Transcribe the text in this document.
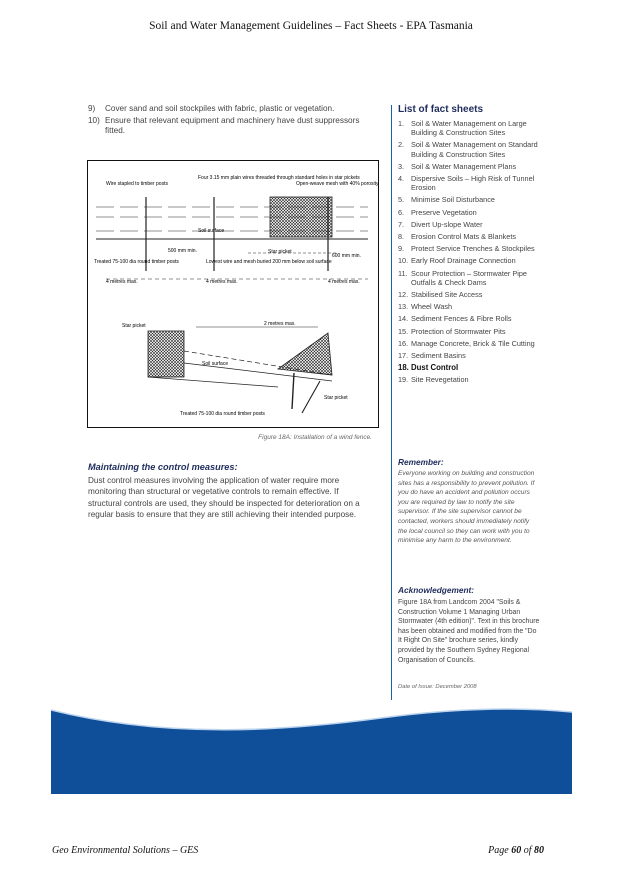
Soil and Water Management Guidelines – Fact Sheets - EPA Tasmania
9)	Cover sand and soil stockpiles with fabric, plastic or vegetation.
10) Ensure that relevant equipment and machinery have dust suppressors fitted.
Wire stapled to timber posts
Four 3.15 mm plain wires threaded through standard holes in star pickets
Open-weave mesh with 40% porosity
Soil surface
500 mm min.	Star picket
600 mm min.
Treated 75-100 dia round timber posts	Lowest wire and mesh buried 200 mm below soil surface
4 metres max.	4 metres max.	4 metres max.
Star picket	2 metres max.
Soil surface
Star picket
Treated 75-100 dia round timber posts
Figure 18A: Installation of a wind fence.
Maintaining the control measures:
Dust control measures involving the application of water require more monitoring than structural or vegetative controls to remain effective. If structural controls are used, they should be inspected for deterioration on a regular basis to ensure that they are still achieving their intended purpose.
List of fact sheets
1. Soil & Water Management on Large Building & Construction Sites
2. Soil & Water Management on Standard Building & Construction Sites
3. Soil & Water Management Plans
4. Dispersive Soils – High Risk of Tunnel Erosion
5. Minimise Soil Disturbance
6. Preserve Vegetation
7. Divert Up-slope Water
8. Erosion Control Mats & Blankets
9. Protect Service Trenches & Stockpiles
10. Early Roof Drainage Connection
11. Scour Protection – Stormwater Pipe Outfalls & Check Dams
12. Stabilised Site Access
13. Wheel Wash
14. Sediment Fences & Fibre Rolls
15. Protection of Stormwater Pits
16. Manage Concrete, Brick & Tile Cutting
17. Sediment Basins
18. Dust Control
19. Site Revegetation
Remember:
Everyone working on building and construction sites has a responsibility to prevent pollution. If you do have an accident and pollution occurs you are required by law to notify the site supervisor. If the site supervisor cannot be contacted, workers should immediately notify the local council so they can work with you to minimise any harm to the environment.
Acknowledgement:
Figure 18A from Landcom 2004 "Soils & Construction Volume 1 Managing Urban Stormwater (4th edition)". Text in this brochure has been obtained and modified from the "Do It Right On Site" brochure series, kindly provided by the Southern Sydney Regional Organisation of Councils.
Date of Issue: December 2008
Geo Environmental Solutions – GES	Page 60 of 80
